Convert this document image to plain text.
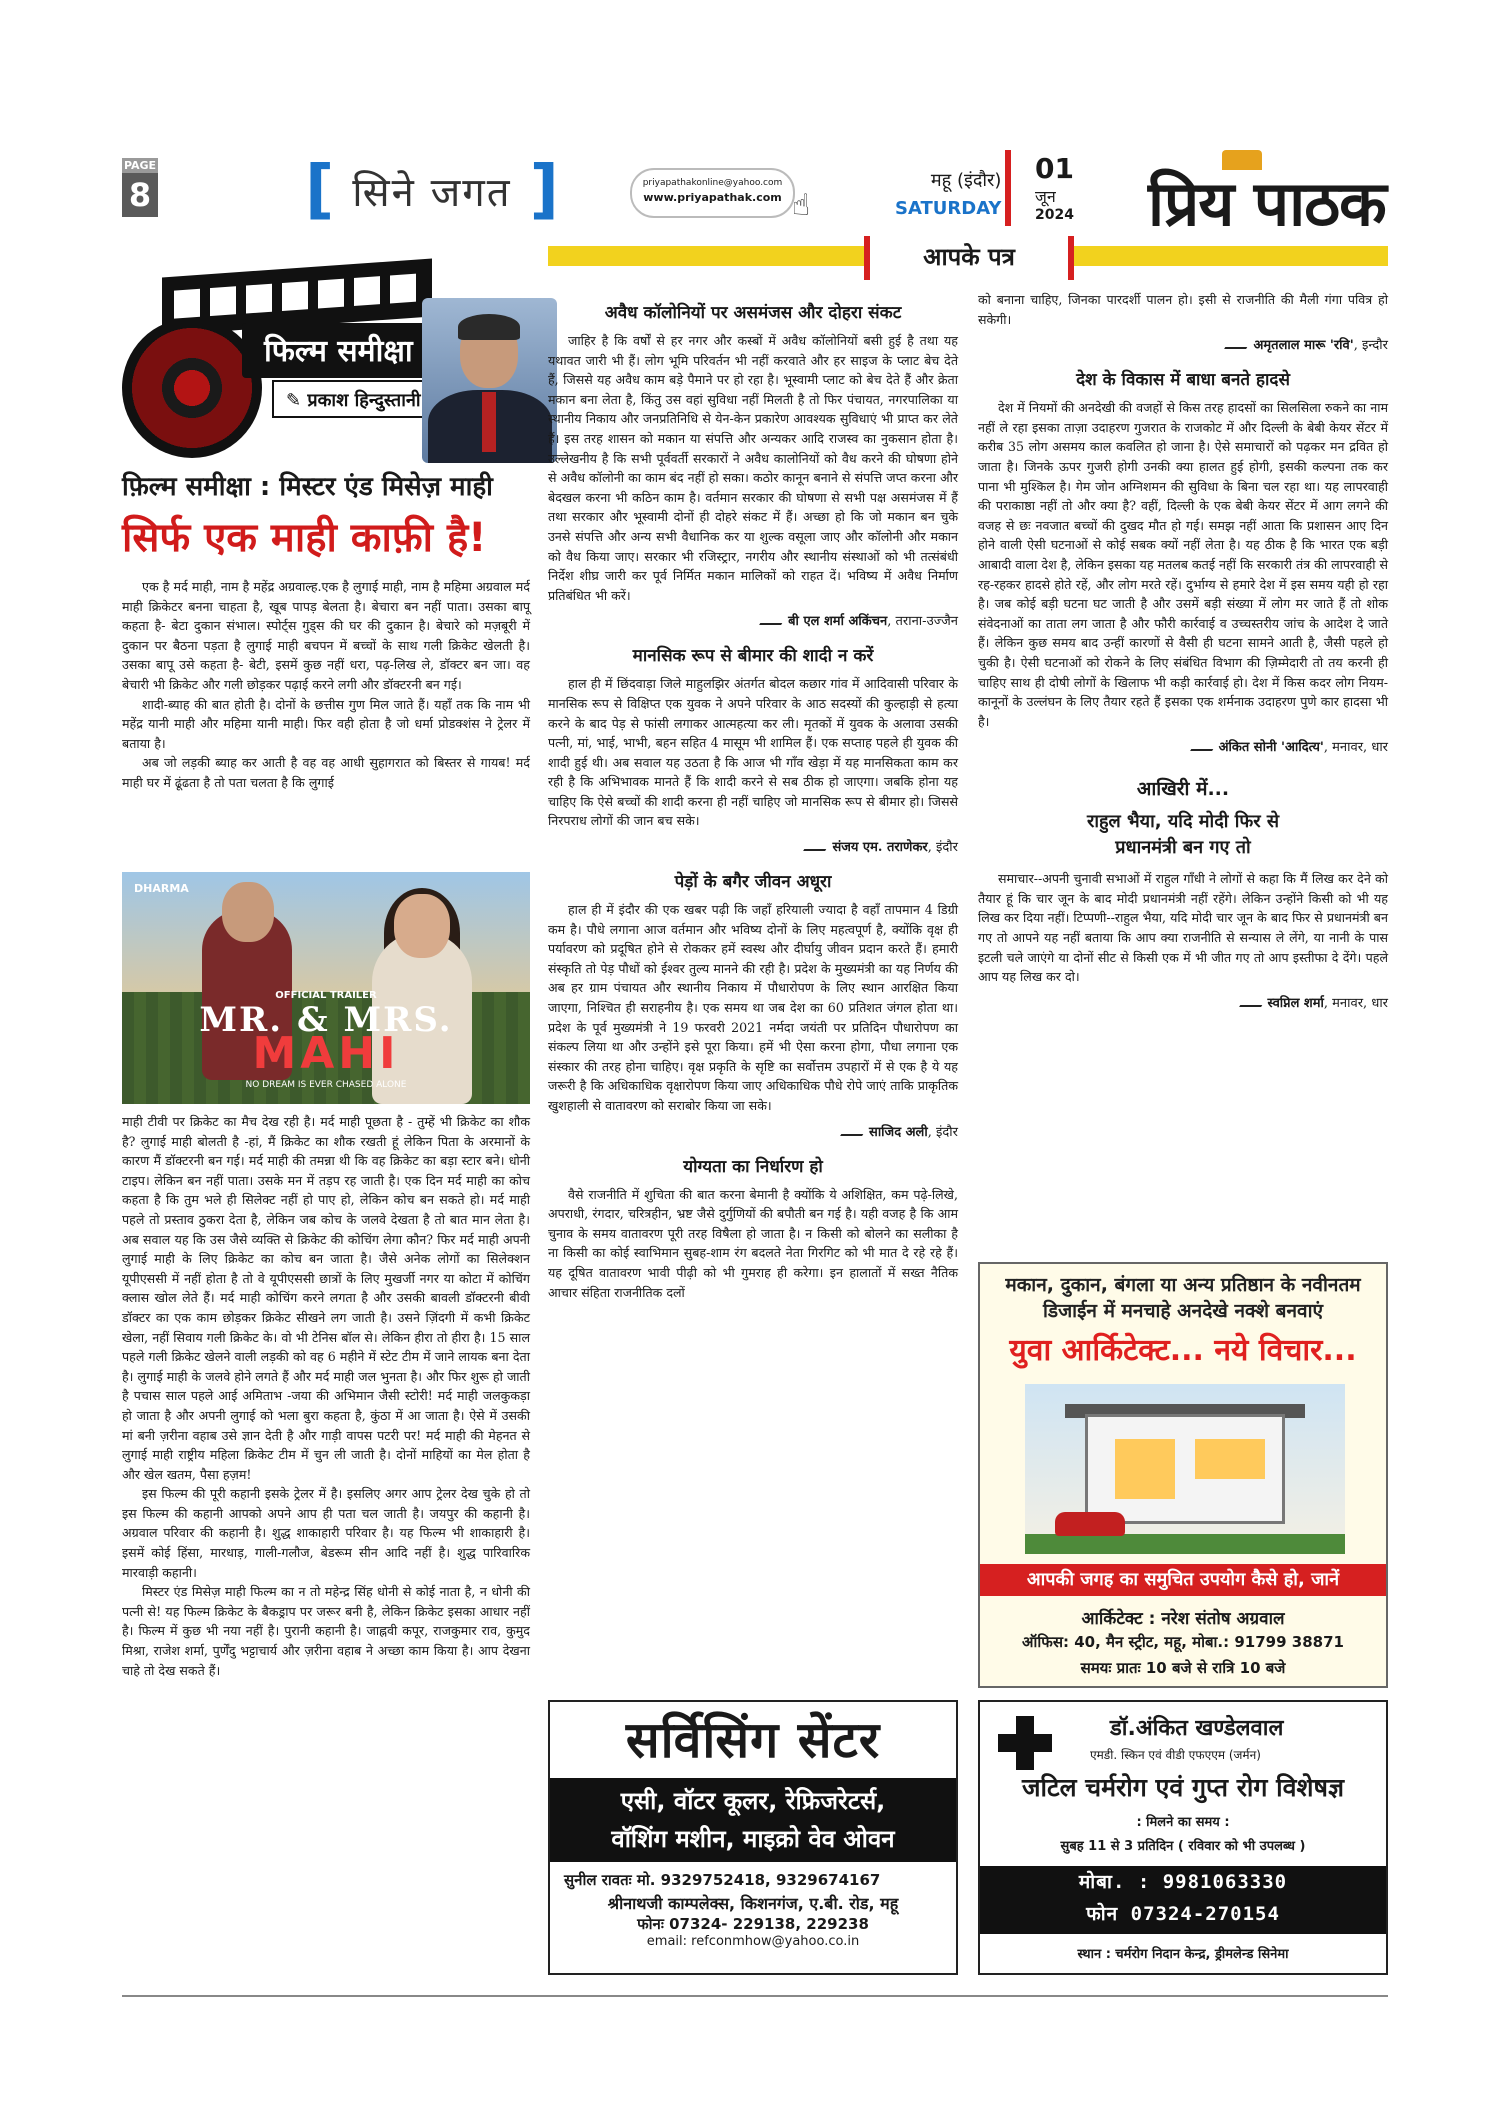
PAGE
8 [ सिने जगत ]	priyapathakonline@yahoo.com
www.priyapathak.com ☝
महू (इंदौर)
SATURDAY
01
जून
2024 प्रिय पाठक
फिल्म समीक्षा
✎ प्रकाश हिन्दुस्तानी
फ़िल्म समीक्षा : मिस्टर एंड मिसेज़ माही
सिर्फ एक माही काफ़ी है!

एक है मर्द माही, नाम है महेंद्र अग्रवाल्ह.एक है लुगाई माही, नाम है महिमा अग्रवाल मर्द माही क्रिकेटर बनना चाहता है, खूब पापड़ बेलता है। बेचारा बन नहीं पाता। उसका बापू कहता है- बेटा दुकान संभाल। स्पोर्ट्स गुड्स की घर की दुकान है। बेचारे को मज़बूरी में दुकान पर बैठना पड़ता है लुगाई माही बचपन में बच्चों के साथ गली क्रिकेट खेलती है। उसका बापू उसे कहता है- बेटी, इसमें कुछ नहीं धरा, पढ़-लिख ले, डॉक्टर बन जा। वह बेचारी भी क्रिकेट और गली छोड़कर पढ़ाई करने लगी और डॉक्टरनी बन गई।

शादी-ब्याह की बात होती है। दोनों के छत्तीस गुण मिल जाते हैं। यहाँ तक कि नाम भी महेंद्र यानी माही और महिमा यानी माही। फिर वही होता है जो धर्मा प्रोडक्शंस ने ट्रेलर में बताया है।

अब जो लड़की ब्याह कर आती है वह वह आधी सुहागरात को बिस्तर से गायब! मर्द माही घर में ढूंढता है तो पता चलता है कि लुगाई

DHARMA
OFFICIAL TRAILER
MR. & MRS.
MAHI
NO DREAM IS EVER CHASED ALONE

माही टीवी पर क्रिकेट का मैच देख रही है। मर्द माही पूछता है - तुम्हें भी क्रिकेट का शौक है? लुगाई माही बोलती है -हां, मैं क्रिकेट का शौक रखती हूं लेकिन पिता के अरमानों के कारण मैं डॉक्टरनी बन गई। मर्द माही की तमन्ना थी कि वह क्रिकेट का बड़ा स्टार बने। धोनी टाइप। लेकिन बन नहीं पाता। उसके मन में तड़प रह जाती है। एक दिन मर्द माही का कोच कहता है कि तुम भले ही सिलेक्ट नहीं हो पाए हो, लेकिन कोच बन सकते हो। मर्द माही पहले तो प्रस्ताव ठुकरा देता है, लेकिन जब कोच के जलवे देखता है तो बात मान लेता है। अब सवाल यह कि उस जैसे व्यक्ति से क्रिकेट की कोचिंग लेगा कौन? फिर मर्द माही अपनी लुगाई माही के लिए क्रिकेट का कोच बन जाता है। जैसे अनेक लोगों का सिलेक्शन यूपीएससी में नहीं होता है तो वे यूपीएससी छात्रों के लिए मुखर्जी नगर या कोटा में कोचिंग क्लास खोल लेते हैं। मर्द माही कोचिंग करने लगता है और उसकी बावली डॉक्टरनी बीवी डॉक्टर का एक काम छोड़कर क्रिकेट सीखने लग जाती है। उसने ज़िंदगी में कभी क्रिकेट खेला, नहीं सिवाय गली क्रिकेट के। वो भी टेनिस बॉल से। लेकिन हीरा तो हीरा है। 15 साल पहले गली क्रिकेट खेलने वाली लड़की को वह 6 महीने में स्टेट टीम में जाने लायक बना देता है। लुगाई माही के जलवे होने लगते हैं और मर्द माही जल भुनता है। और फिर शुरू हो जाती है पचास साल पहले आई अमिताभ -जया की अभिमान जैसी स्टोरी! मर्द माही जलकुकड़ा हो जाता है और अपनी लुगाई को भला बुरा कहता है, कुंठा में आ जाता है। ऐसे में उसकी मां बनी ज़रीना वहाब उसे ज्ञान देती है और गाड़ी वापस पटरी पर! मर्द माही की मेहनत से लुगाई माही राष्ट्रीय महिला क्रिकेट टीम में चुन ली जाती है। दोनों माहियों का मेल होता है और खेल खतम, पैसा हज़म!

इस फिल्म की पूरी कहानी इसके ट्रेलर में है। इसलिए अगर आप ट्रेलर देख चुके हो तो इस फिल्म की कहानी आपको अपने आप ही पता चल जाती है। जयपुर की कहानी है। अग्रवाल परिवार की कहानी है। शुद्ध शाकाहारी परिवार है। यह फिल्म भी शाकाहारी है। इसमें कोई हिंसा, मारधाड़, गाली-गलौज, बेडरूम सीन आदि नहीं है। शुद्ध पारिवारिक मारवाड़ी कहानी।

मिस्टर एंड मिसेज़ माही फिल्म का न तो महेन्द्र सिंह धोनी से कोई नाता है, न धोनी की पत्नी से! यह फिल्म क्रिकेट के बैकड्राप पर जरूर बनी है, लेकिन क्रिकेट इसका आधार नहीं है। फिल्म में कुछ भी नया नहीं है। पुरानी कहानी है। जाह्नवी कपूर, राजकुमार राव, कुमुद मिश्रा, राजेश शर्मा, पुर्णेंदु भट्टाचार्य और ज़रीना वहाब ने अच्छा काम किया है। आप देखना चाहे तो देख सकते हैं।

आपके पत्र
अवैध कॉलोनियों पर असमंजस और दोहरा संकट

जाहिर है कि वर्षों से हर नगर और कस्बों में अवैध कॉलोनियों बसी हुई है तथा यह यथावत जारी भी हैं। लोग भूमि परिवर्तन भी नहीं करवाते और हर साइज के प्लाट बेच देते हैं, जिससे यह अवैध काम बड़े पैमाने पर हो रहा है। भूस्वामी प्लाट को बेच देते हैं और क्रेता मकान बना लेता है, किंतु उस वहां सुविधा नहीं मिलती है तो फिर पंचायत, नगरपालिका या स्थानीय निकाय और जनप्रतिनिधि से येन-केन प्रकारेण आवश्यक सुविधाएं भी प्राप्त कर लेते हैं। इस तरह शासन को मकान या संपत्ति और अन्यकर आदि राजस्व का नुकसान होता है। उल्लेखनीय है कि सभी पूर्ववर्ती सरकारों ने अवैध कालोनियों को वैध करने की घोषणा होने से अवैध कॉलोनी का काम बंद नहीं हो सका। कठोर कानून बनाने से संपत्ति जप्त करना और बेदखल करना भी कठिन काम है। वर्तमान सरकार की घोषणा से सभी पक्ष असमंजस में हैं तथा सरकार और भूस्वामी दोनों ही दोहरे संकट में हैं। अच्छा हो कि जो मकान बन चुके उनसे संपत्ति और अन्य सभी वैधानिक कर या शुल्क वसूला जाए और कॉलोनी और मकान को वैध किया जाए। सरकार भी रजिस्ट्रार, नगरीय और स्थानीय संस्थाओं को भी तत्संबंधी निर्देश शीघ्र जारी कर पूर्व निर्मित मकान मालिकों को राहत दें। भविष्य में अवैध निर्माण प्रतिबंधित भी करें।

बी एल शर्मा अकिंचन, तराना-उज्जैन
मानसिक रूप से बीमार की शादी न करें

हाल ही में छिंदवाड़ा जिले माहुलझिर अंतर्गत बोदल कछार गांव में आदिवासी परिवार के मानसिक रूप से विक्षिप्त एक युवक ने अपने परिवार के आठ सदस्यों की कुल्हाड़ी से हत्या करने के बाद पेड़ से फांसी लगाकर आत्महत्या कर ली। मृतकों में युवक के अलावा उसकी पत्नी, मां, भाई, भाभी, बहन सहित 4 मासूम भी शामिल हैं। एक सप्ताह पहले ही युवक की शादी हुई थी। अब सवाल यह उठता है कि आज भी गाँव खेड़ा में यह मानसिकता काम कर रही है कि अभिभावक मानते हैं कि शादी करने से सब ठीक हो जाएगा। जबकि होना यह चाहिए कि ऐसे बच्चों की शादी करना ही नहीं चाहिए जो मानसिक रूप से बीमार हो। जिससे निरपराध लोगों की जान बच सके।

संजय एम. तराणेकर, इंदौर
पेड़ों के बगैर जीवन अधूरा

हाल ही में इंदौर की एक खबर पढ़ी कि जहाँ हरियाली ज्यादा है वहाँ तापमान 4 डिग्री कम है। पौधे लगाना आज वर्तमान और भविष्य दोनों के लिए महत्वपूर्ण है, क्योंकि वृक्ष ही पर्यावरण को प्रदूषित होने से रोककर हमें स्वस्थ और दीर्घायु जीवन प्रदान करते हैं। हमारी संस्कृति तो पेड़ पौधों को ईश्वर तुल्य मानने की रही है। प्रदेश के मुख्यमंत्री का यह निर्णय की अब हर ग्राम पंचायत और स्थानीय निकाय में पौधारोपण के लिए स्थान आरक्षित किया जाएगा, निश्चित ही सराहनीय है। एक समय था जब देश का 60 प्रतिशत जंगल होता था। प्रदेश के पूर्व मुख्यमंत्री ने 19 फरवरी 2021 नर्मदा जयंती पर प्रतिदिन पौधारोपण का संकल्प लिया था और उन्होंने इसे पूरा किया। हमें भी ऐसा करना होगा, पौधा लगाना एक संस्कार की तरह होना चाहिए। वृक्ष प्रकृति के सृष्टि का सर्वोत्तम उपहारों में से एक है ये यह जरूरी है कि अधिकाधिक वृक्षारोपण किया जाए अधिकाधिक पौधे रोपे जाएं ताकि प्राकृतिक खुशहाली से वातावरण को सराबोर किया जा सके।

साजिद अली, इंदौर
योग्यता का निर्धारण हो

वैसे राजनीति में शुचिता की बात करना बेमानी है क्योंकि ये अशिक्षित, कम पढ़े-लिखे, अपराधी, रंगदार, चरित्रहीन, भ्रष्ट जैसे दुर्गुणियों की बपौती बन गई है। यही वजह है कि आम चुनाव के समय वातावरण पूरी तरह विषैला हो जाता है। न किसी को बोलने का सलीका है ना किसी का कोई स्वाभिमान सुबह-शाम रंग बदलते नेता गिरगिट को भी मात दे रहे रहे हैं। यह दूषित वातावरण भावी पीढ़ी को भी गुमराह ही करेगा। इन हालातों में सख्त नैतिक आचार संहिता राजनीतिक दलों

को बनाना चाहिए, जिनका पारदर्शी पालन हो। इसी से राजनीति की मैली गंगा पवित्र हो सकेगी।

अमृतलाल मारू 'रवि', इन्दौर
देश के विकास में बाधा बनते हादसे

देश में नियमों की अनदेखी की वजहों से किस तरह हादसों का सिलसिला रुकने का नाम नहीं ले रहा इसका ताज़ा उदाहरण गुजरात के राजकोट में और दिल्ली के बेबी केयर सेंटर में करीब 35 लोग असमय काल कवलित हो जाना है। ऐसे समाचारों को पढ़कर मन द्रवित हो जाता है। जिनके ऊपर गुजरी होगी उनकी क्या हालत हुई होगी, इसकी कल्पना तक कर पाना भी मुश्किल है। गेम जोन अग्निशमन की सुविधा के बिना चल रहा था। यह लापरवाही की पराकाष्ठा नहीं तो और क्या है? वहीं, दिल्ली के एक बेबी केयर सेंटर में आग लगने की वजह से छः नवजात बच्चों की दुखद मौत हो गई। समझ नहीं आता कि प्रशासन आए दिन होने वाली ऐसी घटनाओं से कोई सबक क्यों नहीं लेता है। यह ठीक है कि भारत एक बड़ी आबादी वाला देश है, लेकिन इसका यह मतलब कतई नहीं कि सरकारी तंत्र की लापरवाही से रह-रहकर हादसे होते रहें, और लोग मरते रहें। दुर्भाग्य से हमारे देश में इस समय यही हो रहा है। जब कोई बड़ी घटना घट जाती है और उसमें बड़ी संख्या में लोग मर जाते हैं तो शोक संवेदनाओं का ताता लग जाता है और फौरी कार्रवाई व उच्चस्तरीय जांच के आदेश दे जाते हैं। लेकिन कुछ समय बाद उन्हीं कारणों से वैसी ही घटना सामने आती है, जैसी पहले हो चुकी है। ऐसी घटनाओं को रोकने के लिए संबंधित विभाग की ज़िम्मेदारी तो तय करनी ही चाहिए साथ ही दोषी लोगों के खिलाफ भी कड़ी कार्रवाई हो। देश में किस कदर लोग नियम-कानूनों के उल्लंघन के लिए तैयार रहते हैं इसका एक शर्मनाक उदाहरण पुणे कार हादसा भी है।

अंकित सोनी 'आदित्य', मनावर, धार
आखिरी में...
राहुल भैया, यदि मोदी फिर से
प्रधानमंत्री बन गए तो

समाचार--अपनी चुनावी सभाओं में राहुल गाँधी ने लोगों से कहा कि मैं लिख कर देने को तैयार हूं कि चार जून के बाद मोदी प्रधानमंत्री नहीं रहेंगे। लेकिन उन्होंने किसी को भी यह लिख कर दिया नहीं। टिप्पणी--राहुल भैया, यदि मोदी चार जून के बाद फिर से प्रधानमंत्री बन गए तो आपने यह नहीं बताया कि आप क्या राजनीति से सन्यास ले लेंगे, या नानी के पास इटली चले जाएंगे या दोनों सीट से किसी एक में भी जीत गए तो आप इस्तीफा दे देंगे। पहले आप यह लिख कर दो।

स्वप्निल शर्मा, मनावर, धार
मकान, दुकान, बंगला या अन्य प्रतिष्ठान के नवीनतम
डिजाईन में मनचाहे अनदेखे नक्शे बनवाएं
युवा आर्किटेक्ट... नये विचार...
आपकी जगह का समुचित उपयोग कैसे हो, जानें
आर्किटेक्ट : नरेश संतोष अग्रवाल
ऑफिस: 40, मैन स्ट्रीट, महू, मोबा.: 91799 38871
समयः प्रातः 10 बजे से रात्रि 10 बजे
सर्विसिंग सेंटर
एसी, वॉटर कूलर, रेफ्रिजरेटर्स,
वॉशिंग मशीन, माइक्रो वेव ओवन
सुनील रावतः मो. 9329752418, 9329674167
श्रीनाथजी काम्पलेक्स, किशनगंज, ए.बी. रोड, महू
फोनः 07324- 229138, 229238
email: refconmhow@yahoo.co.in
डॉ.अंकित खण्डेलवाल
एमडी. स्किन एवं वीडी एफएएम (जर्मन)
जटिल चर्मरोग एवं गुप्त रोग विशेषज्ञ
: मिलने का समय :
सुबह 11 से 3 प्रतिदिन ( रविवार को भी उपलब्ध )
मोबा. : 9981063330
फोन 07324-270154
स्थान : चर्मरोग निदान केन्द्र, ड्रीमलेन्ड सिनेमा
